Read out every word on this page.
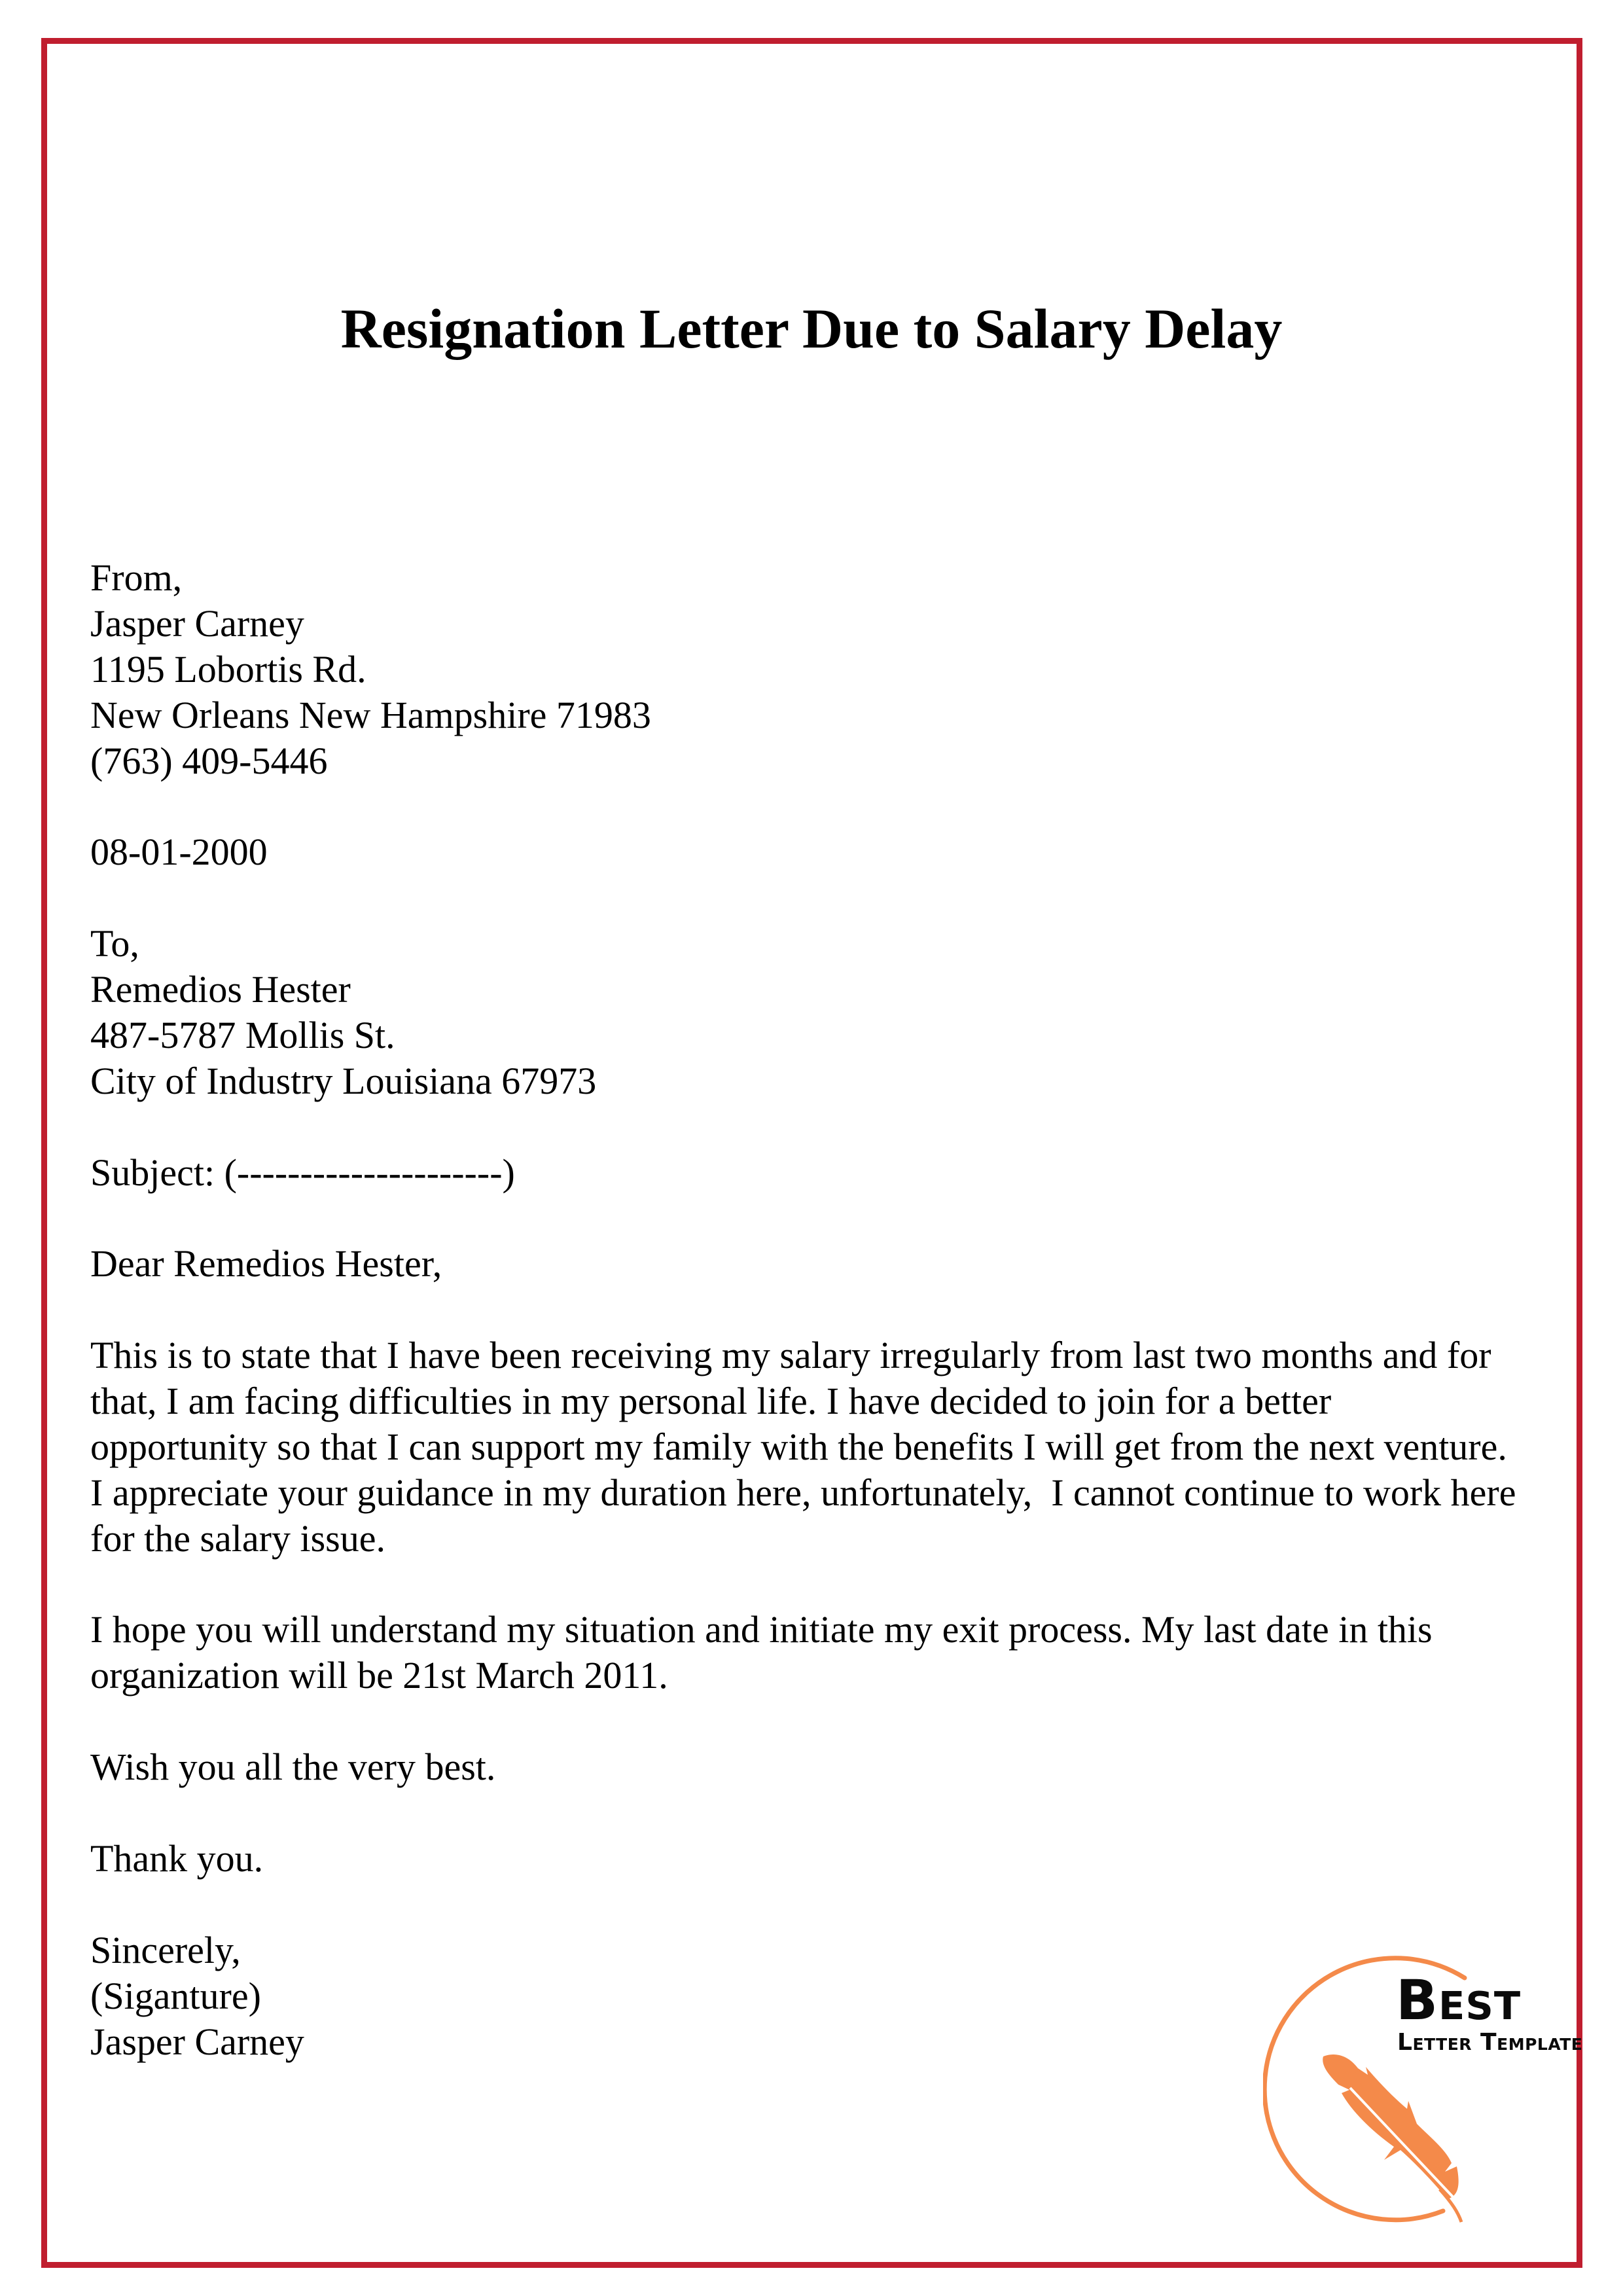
Resignation Letter Due to Salary Delay
From,
Jasper Carney
1195 Lobortis Rd.
New Orleans New Hampshire 71983
(763) 409-5446
08-01-2000
To,
Remedios Hester
487-5787 Mollis St.
City of Industry Louisiana 67973
Subject: (---------------------)
Dear Remedios Hester,
This is to state that I have been receiving my salary irregularly from last two months and for
that, I am facing difficulties in my personal life. I have decided to join for a better
opportunity so that I can support my family with the benefits I will get from the next venture.
I appreciate your guidance in my duration here, unfortunately,  I cannot continue to work here
for the salary issue.
I hope you will understand my situation and initiate my exit process. My last date in this
organization will be 21st March 2011.
Wish you all the very best.
Thank you.
Sincerely,
(Siganture)
Jasper Carney
Best
Letter Template
